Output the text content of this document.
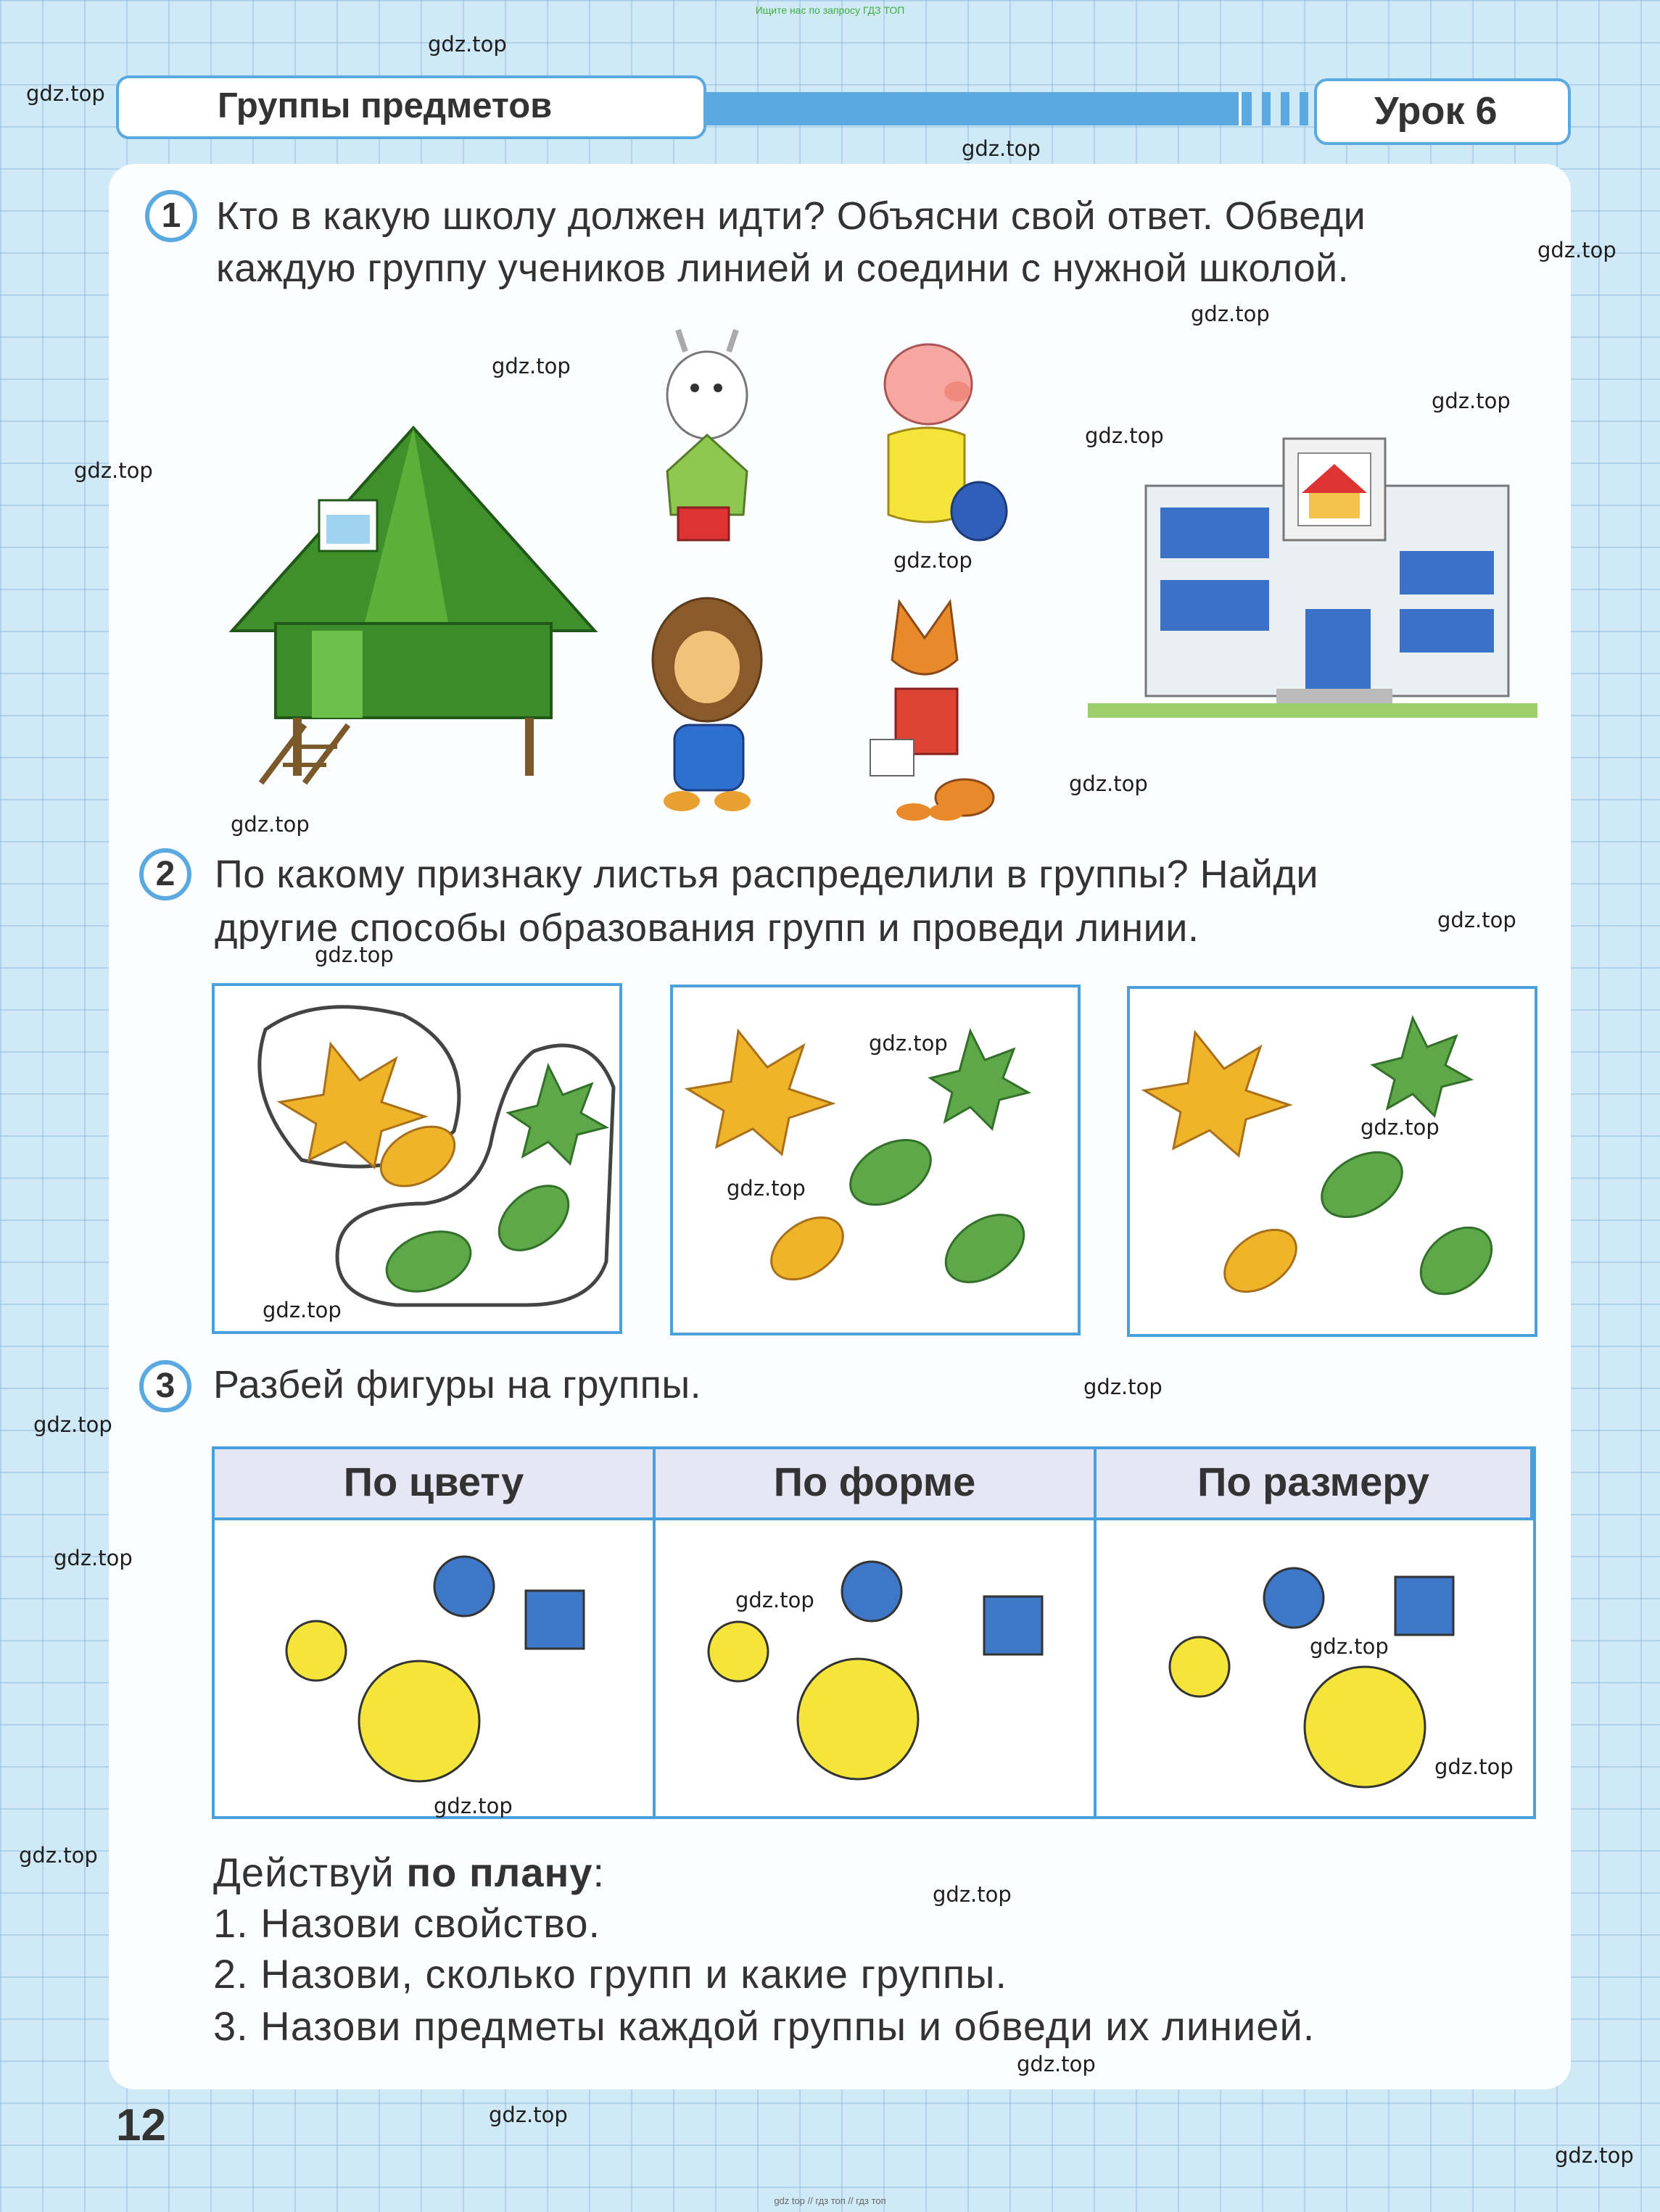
Ищите нас по запросу ГДЗ ТОП
Группы предметов	Урок 6
1 Кто в какую школу должен идти? Объясни свой ответ. Обведи
каждую группу учеников линией и соедини с нужной школой.
2	По какому признаку листья распределили в группы? Найди
другие способы образования групп и проведи линии.
3 Разбей фигуры на группы.
По цвету	По форме	По размеру
Действуй по плану:
1. Назови свойство.
2. Назови, сколько групп и какие группы.
3. Назови предметы каждой группы и обведи их линией.
12
gdz.top
gdz.top
gdz.top
gdz.top
gdz.top
gdz.top
gdz.top
gdz.top
gdz.top
gdz.top
gdz.top
gdz.top
gdz.top
gdz.top
gdz.top
gdz.top
gdz.top
gdz.top
gdz.top
gdz.top
gdz.top
gdz.top
gdz.top
gdz.top
gdz.top
gdz.top
gdz.top
gdz.top
gdz.top
gdz.top
gdz top // гдз топ // гдз топ
